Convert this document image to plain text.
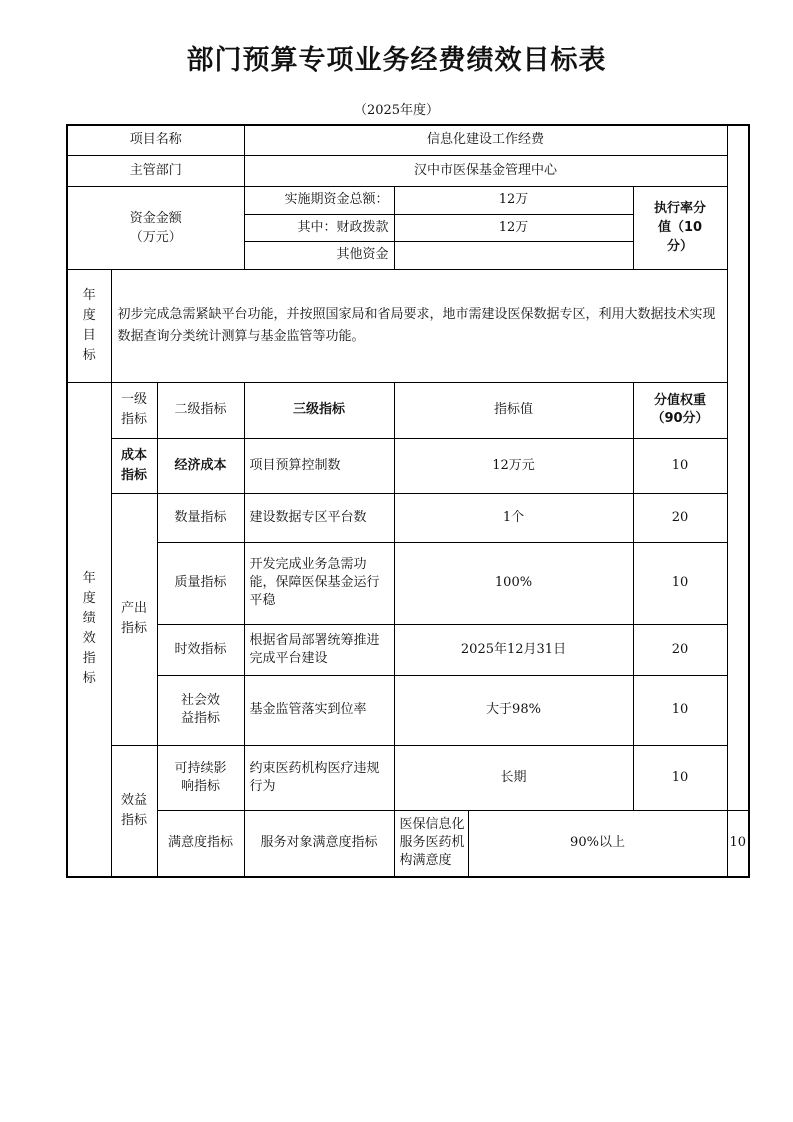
部门预算专项业务经费绩效目标表
（2025年度）
项目名称			信息化建设工作经费				
主管部门			汉中市医保基金管理中心				
资金金额（万元）			实施期资金总额：	12万		执行率分值（10分）	
			其中：财政拨款	12万			
			其他资金				
年度目标	初步完成急需紧缺平台功能，并按照国家局和省局要求，地市需建设医保数据专区，利用大数据技术实现数据查询分类统计测算与基金监管等功能。						
年度绩效指标	一级指标	二级指标	三级指标	指标值		分值权重（90分）	
	成本指标	经济成本	项目预算控制数	12万元		10	
	产出指标	数量指标	建设数据专区平台数	1个		20	
		质量指标	开发完成业务急需功能，保障医保基金运行平稳	100%		10	
		时效指标	根据省局部署统筹推进完成平台建设	2025年12月31日		20	
		社会效益指标	基金监管落实到位率	大于98%		10	
	效益指标	可持续影响指标	约束医药机构医疗违规行为	长期		10	
		满意度指标	服务对象满意度指标	医保信息化服务医药机构满意度	90%以上		10
